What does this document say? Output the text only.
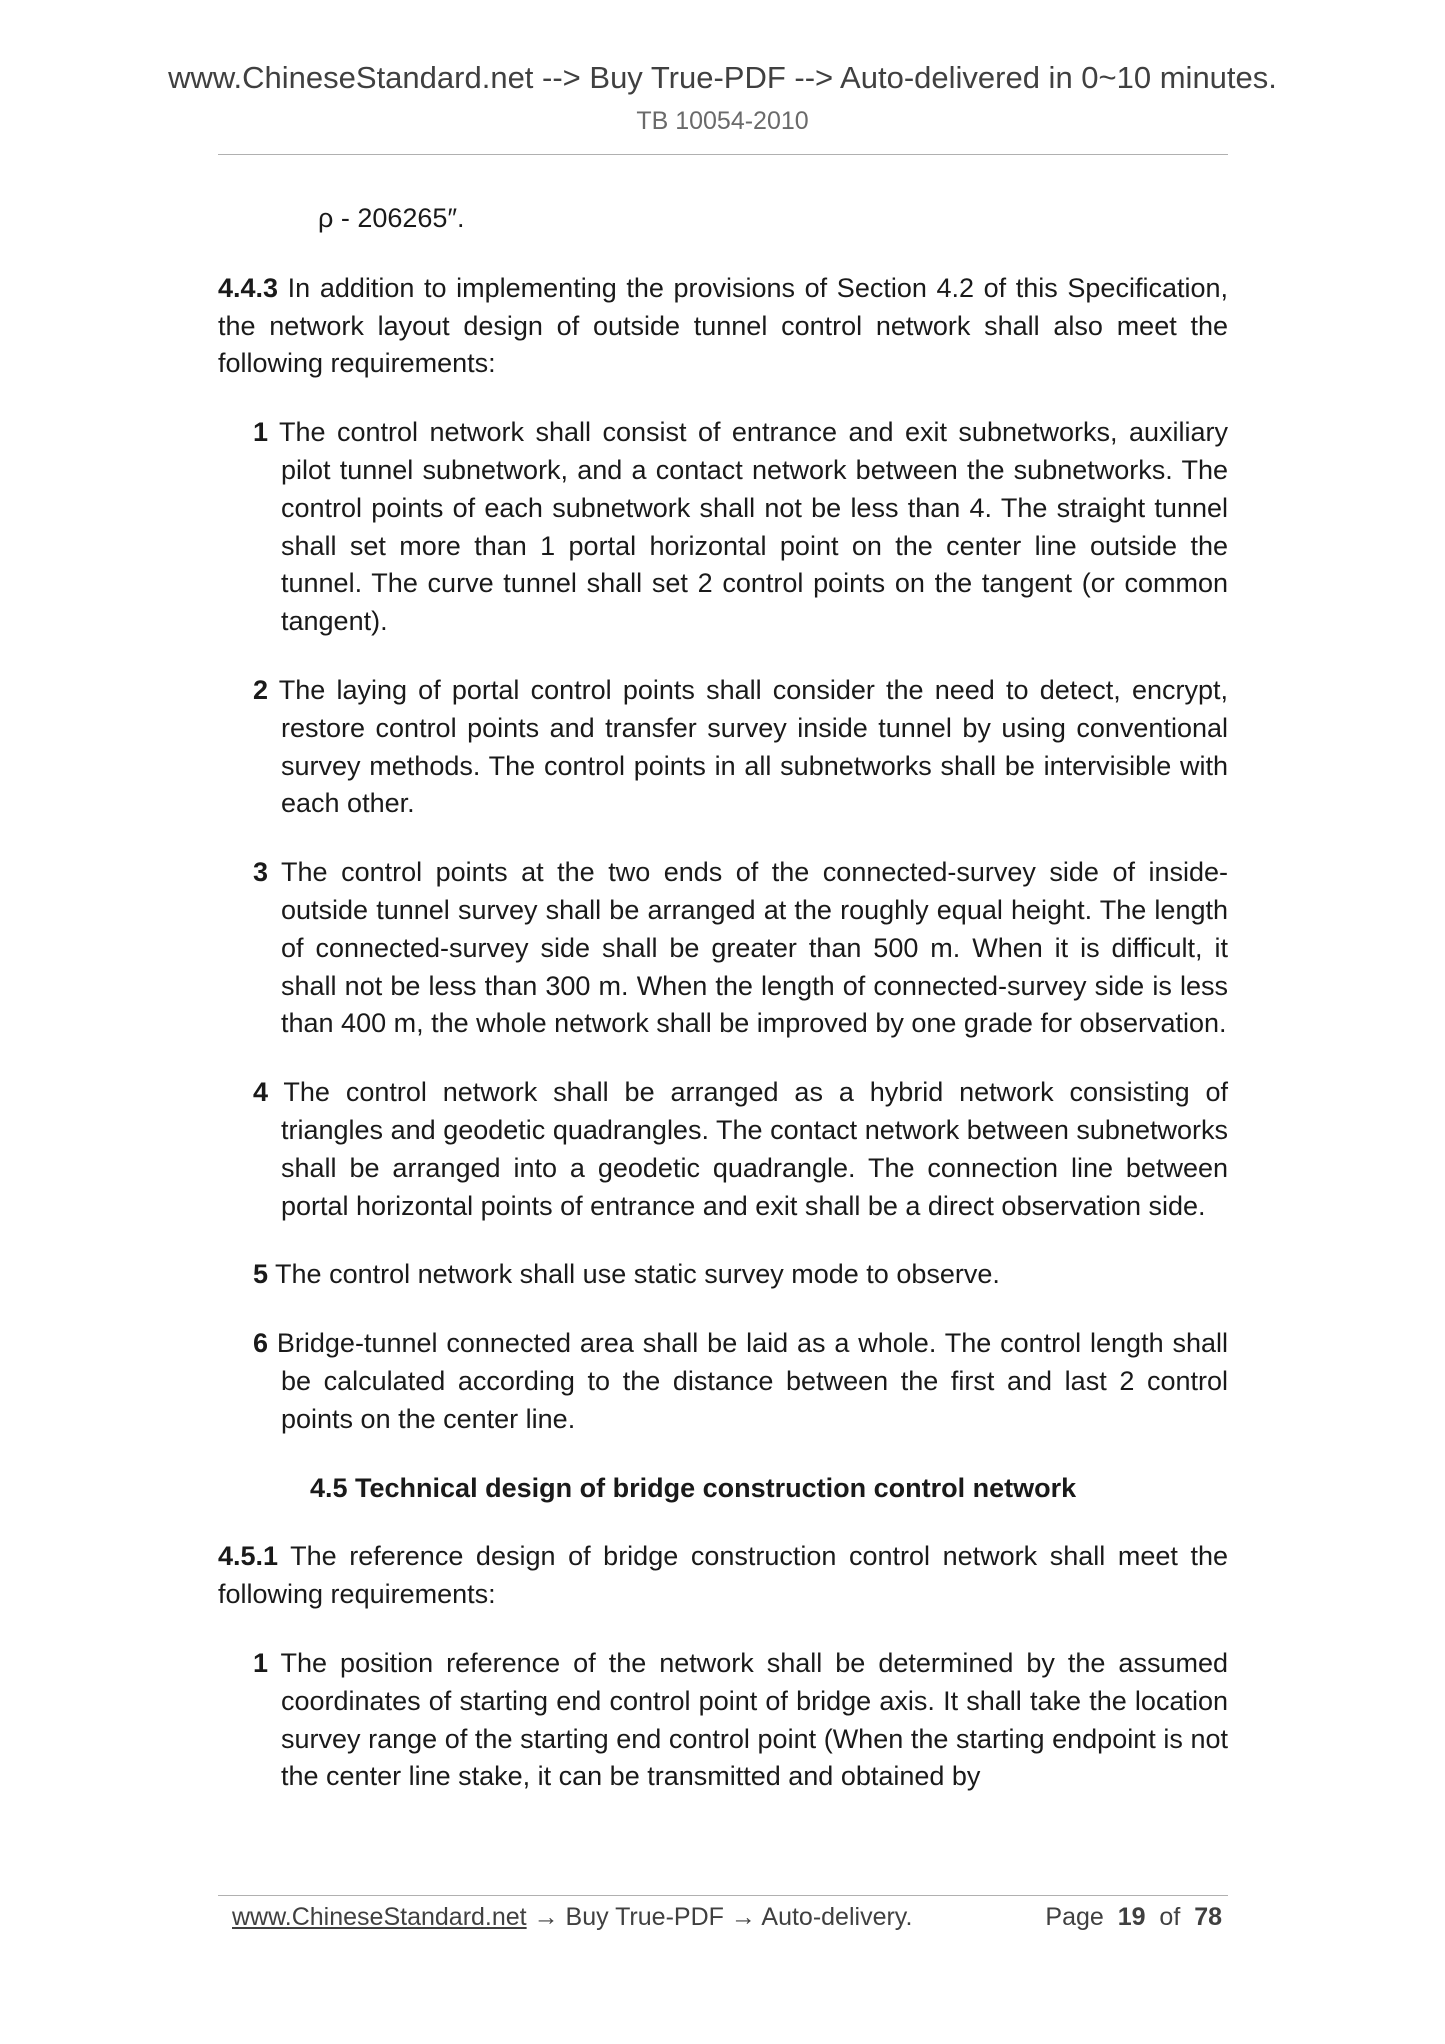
www.ChineseStandard.net --> Buy True-PDF --> Auto-delivered in 0~10 minutes.
TB 10054-2010

ρ - 206265″.

4.4.3 In addition to implementing the provisions of Section 4.2 of this Specification, the network layout design of outside tunnel control network shall also meet the following requirements:

1 The control network shall consist of entrance and exit subnetworks, auxiliary pilot tunnel subnetwork, and a contact network between the subnetworks. The control points of each subnetwork shall not be less than 4. The straight tunnel shall set more than 1 portal horizontal point on the center line outside the tunnel. The curve tunnel shall set 2 control points on the tangent (or common tangent).

2 The laying of portal control points shall consider the need to detect, encrypt, restore control points and transfer survey inside tunnel by using conventional survey methods. The control points in all subnetworks shall be intervisible with each other.

3 The control points at the two ends of the connected-survey side of inside-outside tunnel survey shall be arranged at the roughly equal height. The length of connected-survey side shall be greater than 500 m. When it is difficult, it shall not be less than 300 m. When the length of connected-survey side is less than 400 m, the whole network shall be improved by one grade for observation.

4 The control network shall be arranged as a hybrid network consisting of triangles and geodetic quadrangles. The contact network between subnetworks shall be arranged into a geodetic quadrangle. The connection line between portal horizontal points of entrance and exit shall be a direct observation side.

5 The control network shall use static survey mode to observe.

6 Bridge-tunnel connected area shall be laid as a whole. The control length shall be calculated according to the distance between the first and last 2 control points on the center line.

4.5 Technical design of bridge construction control network

4.5.1 The reference design of bridge construction control network shall meet the following requirements:

1 The position reference of the network shall be determined by the assumed coordinates of starting end control point of bridge axis. It shall take the location survey range of the starting end control point (When the starting endpoint is not the center line stake, it can be transmitted and obtained by

www.ChineseStandard.net → Buy True-PDF → Auto-delivery.	Page 19 of 78
